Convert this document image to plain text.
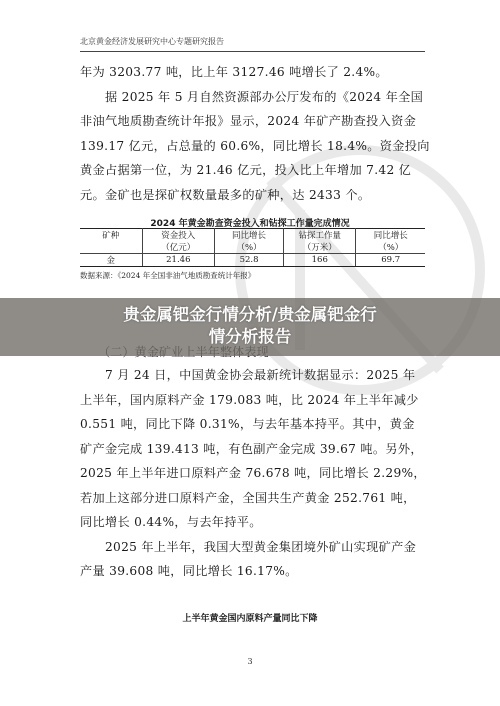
北京黄金经济发展研究中心专题研究报告
年为 3203.77 吨，比上年 3127.46 吨增长了 2.4%。
　　据 2025 年 5 月自然资源部办公厅发布的《2024 年全国
非油气地质勘查统计年报》显示，2024 年矿产勘查投入资金
139.17 亿元，占总量的 60.6%，同比增长 18.4%。资金投向
黄金占据第一位，为 21.46 亿元，投入比上年增加 7.42 亿
元。金矿也是探矿权数量最多的矿种，达 2433 个。
2024 年黄金勘查资金投入和钻探工作量完成情况
矿种	资金投入	同比增长	钻探工作量	同比增长
	（亿元）	（%）	（万米）	（%）
金	21.46	52.8	166	69.7
数据来源：《2024 年全国非油气地质勘查统计年报》
　　7 月 24 日，中国黄金协会最新统计数据显示：2025 年
上半年，国内原料产金 179.083 吨，比 2024 年上半年减少
0.551 吨，同比下降 0.31%，与去年基本持平。其中，黄金
矿产金完成 139.413 吨，有色副产金完成 39.67 吨。另外，
2025 年上半年进口原料产金 76.678 吨，同比增长 2.29%，
若加上这部分进口原料产金，全国共生产黄金 252.761 吨，
同比增长 0.44%，与去年持平。
　　2025 年上半年，我国大型黄金集团境外矿山实现矿产金
产量 39.608 吨，同比增长 16.17%。
贵金属钯金行情分析/贵金属钯金行
情分析报告
上半年黄金国内原料产量同比下降
3
